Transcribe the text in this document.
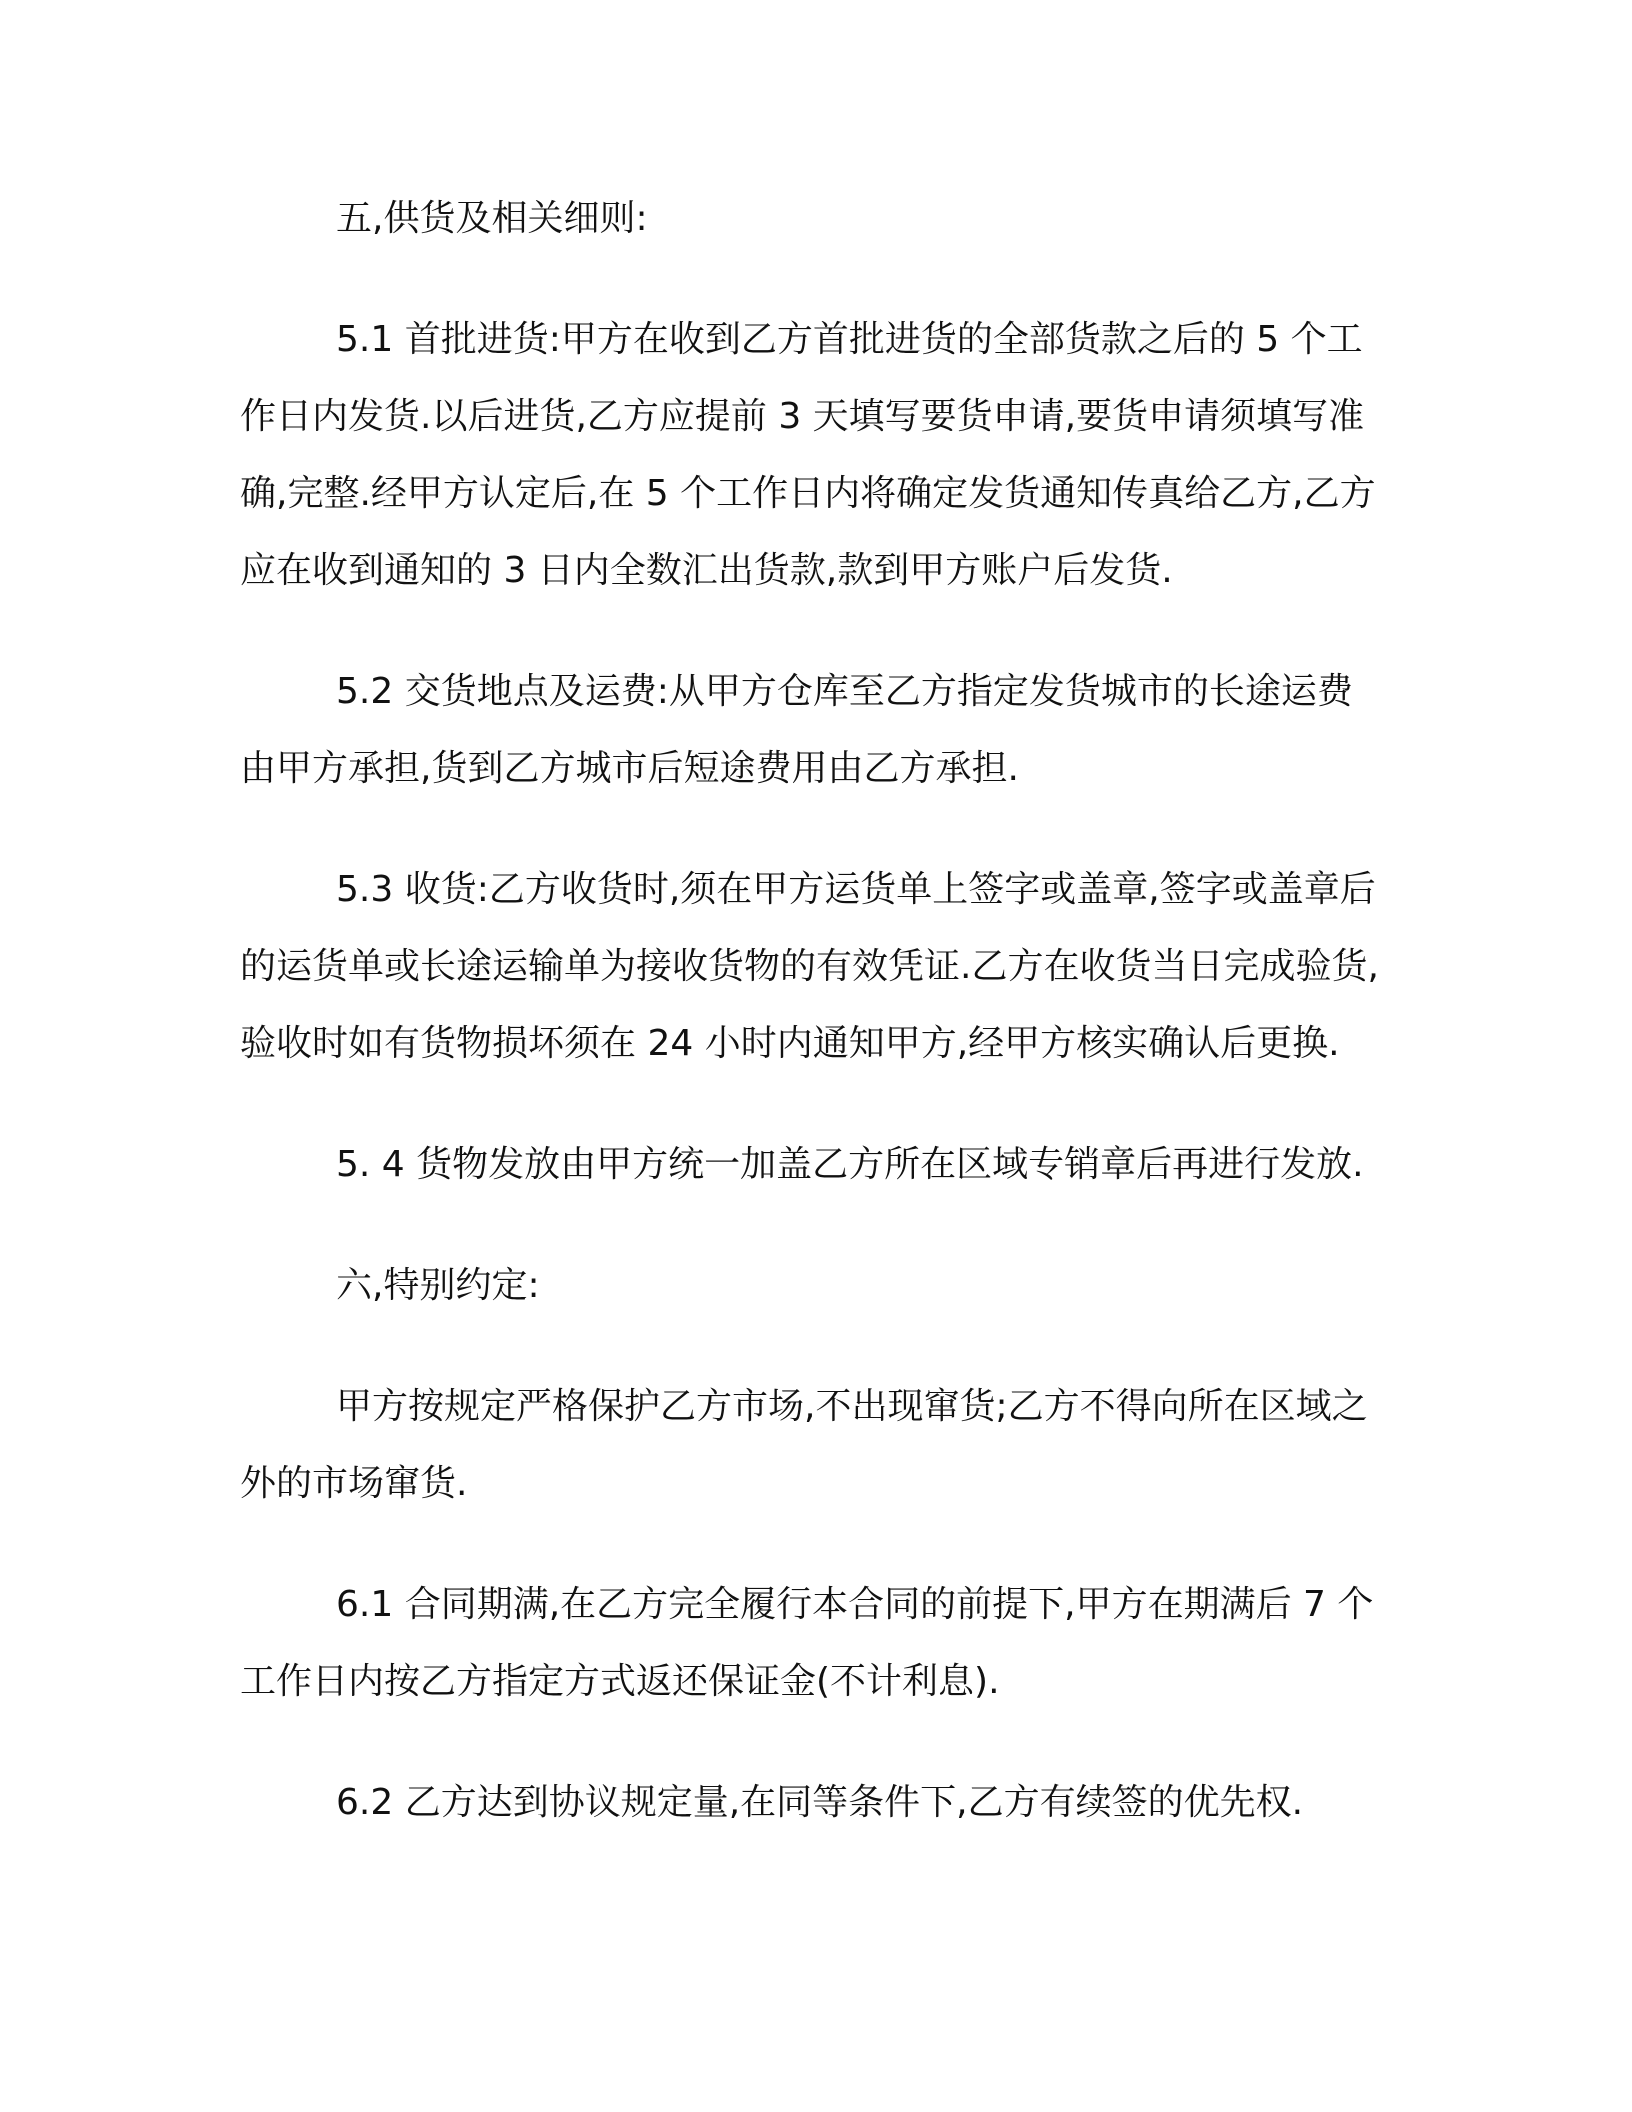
五,供货及相关细则:

5.1 首批进货:甲方在收到乙方首批进货的全部货款之后的 5 个工作日内发货.以后进货,乙方应提前 3 天填写要货申请,要货申请须填写准确,完整.经甲方认定后,在 5 个工作日内将确定发货通知传真给乙方,乙方应在收到通知的 3 日内全数汇出货款,款到甲方账户后发货.

5.2 交货地点及运费:从甲方仓库至乙方指定发货城市的长途运费由甲方承担,货到乙方城市后短途费用由乙方承担.

5.3 收货:乙方收货时,须在甲方运货单上签字或盖章,签字或盖章后的运货单或长途运输单为接收货物的有效凭证.乙方在收货当日完成验货,验收时如有货物损坏须在 24 小时内通知甲方,经甲方核实确认后更换.

5. 4 货物发放由甲方统一加盖乙方所在区域专销章后再进行发放.

六,特别约定:

甲方按规定严格保护乙方市场,不出现窜货;乙方不得向所在区域之外的市场窜货.

6.1 合同期满,在乙方完全履行本合同的前提下,甲方在期满后 7 个工作日内按乙方指定方式返还保证金(不计利息).

6.2 乙方达到协议规定量,在同等条件下,乙方有续签的优先权.
